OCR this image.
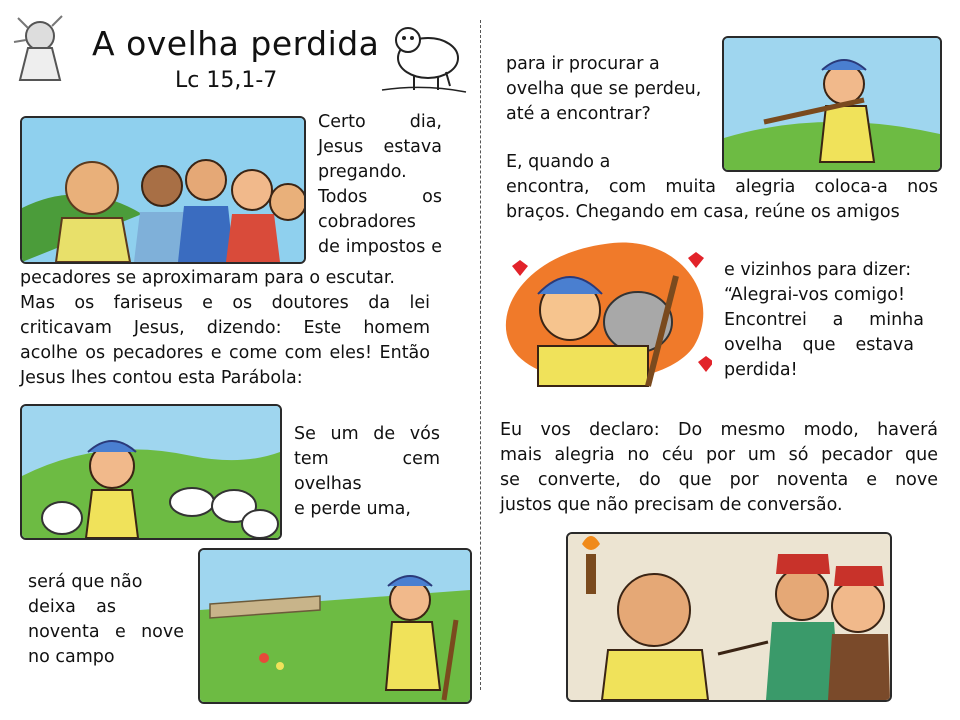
A ovelha perdida
Lc 15,1-7
Certo dia,
Jesus estava
pregando.
Todos os
cobradores
de impostos e
pecadores se aproximaram para o escutar.
Mas os fariseus e os doutores da lei
criticavam Jesus, dizendo: Este homem
acolhe os pecadores e come com eles! Então
Jesus lhes contou esta Parábola:
Se um de vós
tem cem ovelhas
e perde uma,
será que não
deixa as
noventa e nove
no campo
para ir procurar a
ovelha que se perdeu,
até a encontrar?
E, quando a
encontra, com muita alegria coloca-a nos
braços. Chegando em casa, reúne os amigos
e vizinhos para dizer:
“Alegrai-vos comigo!
Encontrei a minha
ovelha que estava
perdida!
Eu vos declaro: Do mesmo modo, haverá
mais alegria no céu por um só pecador que
se converte, do que por noventa e nove
justos que não precisam de conversão.
